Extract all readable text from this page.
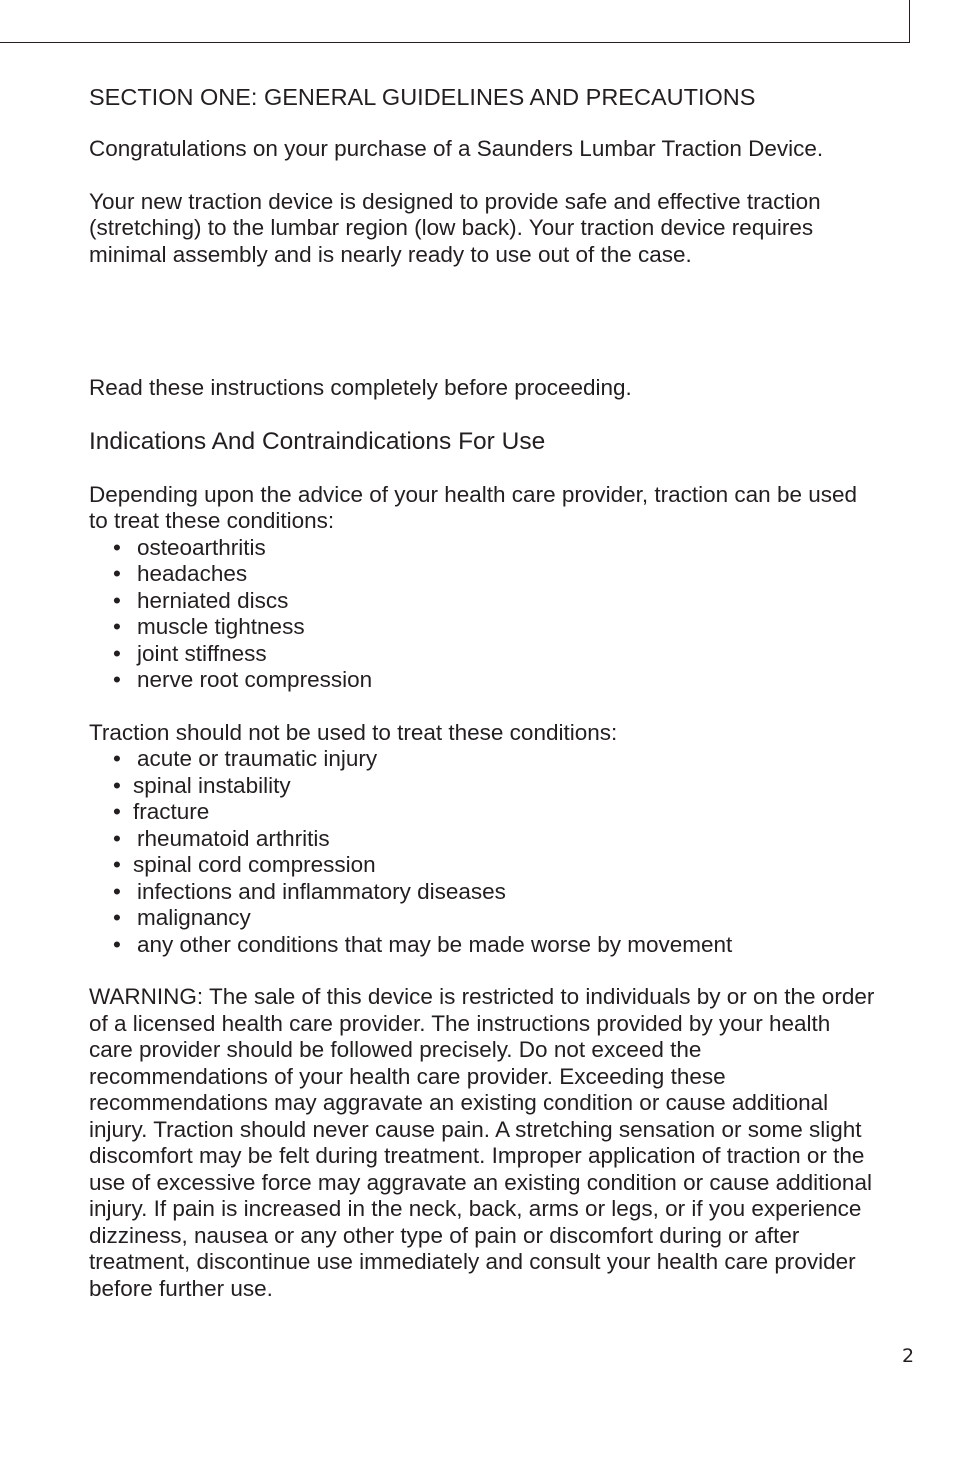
SECTION ONE: GENERAL GUIDELINES AND PRECAUTIONS

Congratulations on your purchase of a Saunders Lumbar Traction Device.

Your new traction device is designed to provide safe and effective traction (stretching) to the lumbar region (low back). Your traction device requires minimal assembly and is nearly ready to use out of the case.

Read these instructions completely before proceeding.

Indications And Contraindications For Use

Depending upon the advice of your health care provider, traction can be used to treat these conditions:

• osteoarthritis
• headaches
• herniated discs
• muscle tightness
• joint stiffness
• nerve root compression

Traction should not be used to treat these conditions:

• acute or traumatic injury
• spinal instability
• fracture
• rheumatoid arthritis
• spinal cord compression
• infections and inflammatory diseases
• malignancy
• any other conditions that may be made worse by movement

WARNING: The sale of this device is restricted to individuals by or on the order of a licensed health care provider. The instructions provided by your health care provider should be followed precisely. Do not exceed the recommendations of your health care provider. Exceeding these recommendations may aggravate an existing condition or cause additional injury. Traction should never cause pain. A stretching sensation or some slight discomfort may be felt during treatment. Improper application of traction or the use of excessive force may aggravate an existing condition or cause additional injury. If pain is increased in the neck, back, arms or legs, or if you experience dizziness, nausea or any other type of pain or discomfort during or after treatment, discontinue use immediately and consult your health care provider before further use.

2
